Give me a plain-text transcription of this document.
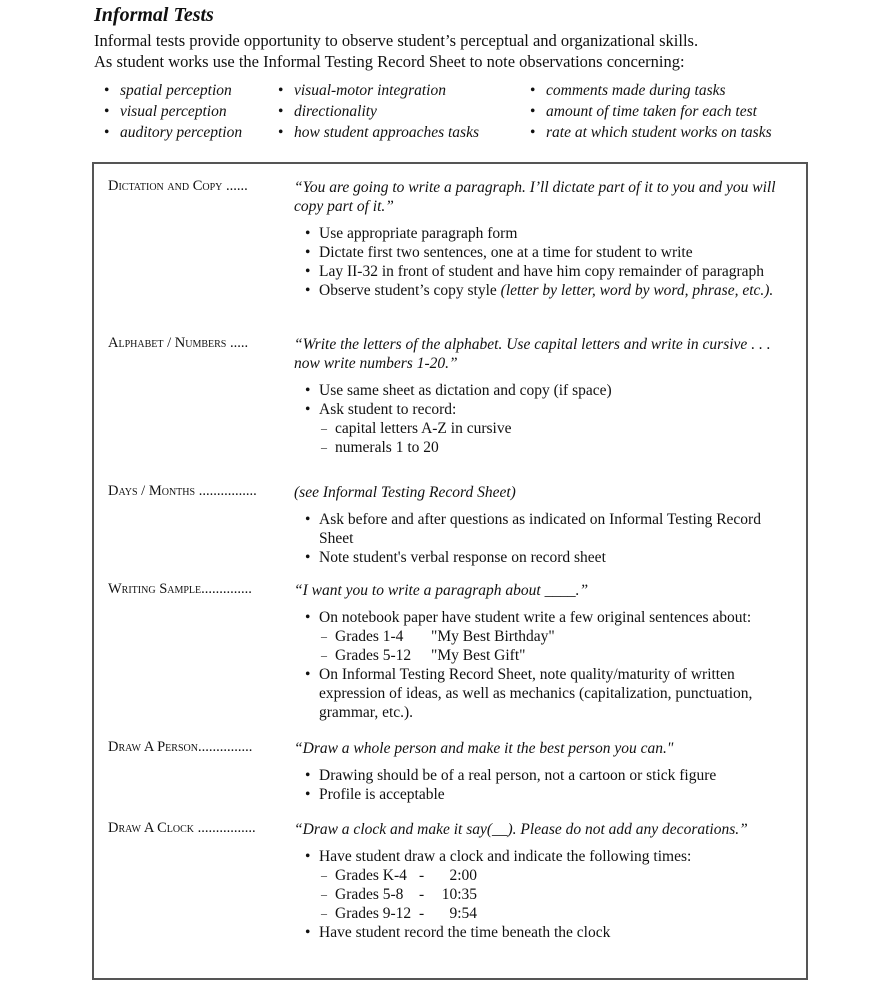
Informal Tests
Informal tests provide opportunity to observe student’s perceptual and organizational skills.
As student works use the Informal Testing Record Sheet to note observations concerning:
• spatial perception
• visual perception
• auditory perception
• visual-motor integration
• directionality
• how student approaches tasks
• comments made during tasks
• amount of time taken for each test
• rate at which student works on tasks
Dictation and Copy ......	“You are going to write a paragraph. I’ll dictate part of it to you and you will copy part of it.”
• Use appropriate paragraph form
• Dictate first two sentences, one at a time for student to write
• Lay II-32 in front of student and have him copy remainder of paragraph
• Observe student’s copy style (letter by letter, word by word, phrase, etc.).
Alphabet / Numbers .....	“Write the letters of the alphabet. Use capital letters and write in cursive . . . now write numbers 1-20.”
• Use same sheet as dictation and copy (if space)
• Ask student to record:
– capital letters A-Z in cursive
– numerals 1 to 20
Days / Months ................	(see Informal Testing Record Sheet)
• Ask before and after questions as indicated on Informal Testing Record Sheet
• Note student's verbal response on record sheet
Writing Sample..............	“I want you to write a paragraph about ____.”
• On notebook paper have student write a few original sentences about:
– Grades 1-4 "My Best Birthday"
– Grades 5-12 "My Best Gift"
• On Informal Testing Record Sheet, note quality/maturity of written expression of ideas, as well as mechanics (capitalization, punctuation, grammar, etc.).
Draw A Person...............	“Draw a whole person and make it the best person you can."
• Drawing should be of a real person, not a cartoon or stick figure
• Profile is acceptable
Draw A Clock ................	“Draw a clock and make it say(__). Please do not add any decorations.”
• Have student draw a clock and indicate the following times:
– Grades K-4 - 2:00
– Grades 5-8 - 10:35
– Grades 9-12 - 9:54
• Have student record the time beneath the clock
